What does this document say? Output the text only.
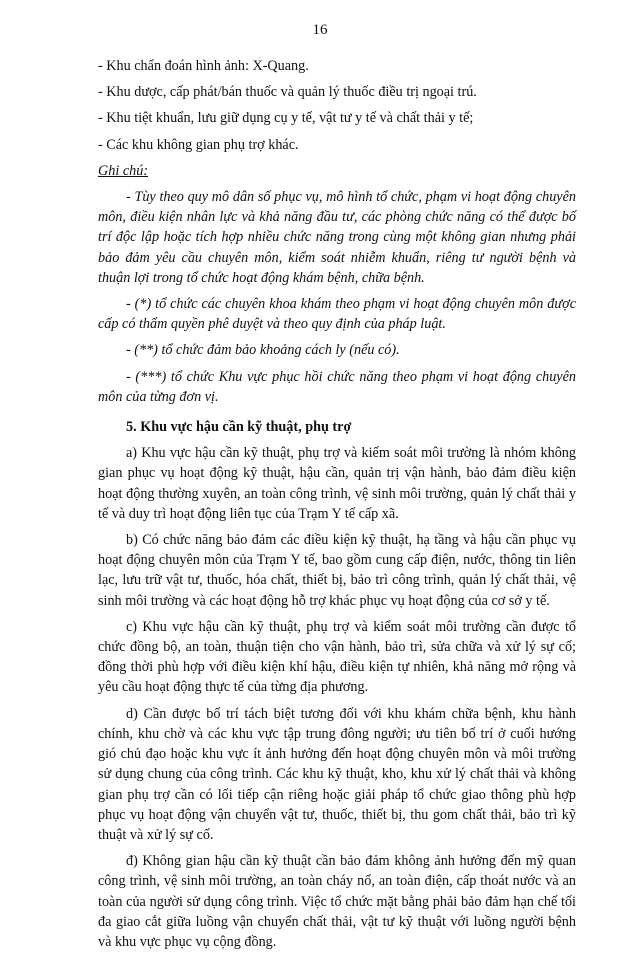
16

- Khu chẩn đoán hình ảnh: X-Quang.

- Khu dược, cấp phát/bán thuốc và quản lý thuốc điều trị ngoại trú.

- Khu tiệt khuẩn, lưu giữ dụng cụ y tế, vật tư y tế và chất thải y tế;

- Các khu không gian phụ trợ khác.

Ghi chú:

- Tùy theo quy mô dân số phục vụ, mô hình tổ chức, phạm vi hoạt động chuyên môn, điều kiện nhân lực và khả năng đầu tư, các phòng chức năng có thể được bố trí độc lập hoặc tích hợp nhiều chức năng trong cùng một không gian nhưng phải bảo đảm yêu cầu chuyên môn, kiểm soát nhiễm khuẩn, riêng tư người bệnh và thuận lợi trong tổ chức hoạt động khám bệnh, chữa bệnh.

- (*) tổ chức các chuyên khoa khám theo phạm vi hoạt động chuyên môn được cấp có thẩm quyền phê duyệt và theo quy định của pháp luật.

- (**) tổ chức đảm bảo khoảng cách ly (nếu có).

- (***) tổ chức Khu vực phục hồi chức năng theo phạm vi hoạt động chuyên môn của từng đơn vị.

5. Khu vực hậu cần kỹ thuật, phụ trợ

a) Khu vực hậu cần kỹ thuật, phụ trợ và kiểm soát môi trường là nhóm không gian phục vụ hoạt động kỹ thuật, hậu cần, quản trị vận hành, bảo đảm điều kiện hoạt động thường xuyên, an toàn công trình, vệ sinh môi trường, quản lý chất thải y tế và duy trì hoạt động liên tục của Trạm Y tế cấp xã.

b) Có chức năng bảo đảm các điều kiện kỹ thuật, hạ tầng và hậu cần phục vụ hoạt động chuyên môn của Trạm Y tế, bao gồm cung cấp điện, nước, thông tin liên lạc, lưu trữ vật tư, thuốc, hóa chất, thiết bị, bảo trì công trình, quản lý chất thải, vệ sinh môi trường và các hoạt động hỗ trợ khác phục vụ hoạt động của cơ sở y tế.

c) Khu vực hậu cần kỹ thuật, phụ trợ và kiểm soát môi trường cần được tổ chức đồng bộ, an toàn, thuận tiện cho vận hành, bảo trì, sửa chữa và xử lý sự cố; đồng thời phù hợp với điều kiện khí hậu, điều kiện tự nhiên, khả năng mở rộng và yêu cầu hoạt động thực tế của từng địa phương.

d) Cần được bố trí tách biệt tương đối với khu khám chữa bệnh, khu hành chính, khu chờ và các khu vực tập trung đông người; ưu tiên bố trí ở cuối hướng gió chủ đạo hoặc khu vực ít ảnh hưởng đến hoạt động chuyên môn và môi trường sử dụng chung của công trình. Các khu kỹ thuật, kho, khu xử lý chất thải và không gian phụ trợ cần có lối tiếp cận riêng hoặc giải pháp tổ chức giao thông phù hợp phục vụ hoạt động vận chuyển vật tư, thuốc, thiết bị, thu gom chất thải, bảo trì kỹ thuật và xử lý sự cố.

đ) Không gian hậu cần kỹ thuật cần bảo đảm không ảnh hưởng đến mỹ quan công trình, vệ sinh môi trường, an toàn cháy nổ, an toàn điện, cấp thoát nước và an toàn của người sử dụng công trình. Việc tổ chức mặt bằng phải bảo đảm hạn chế tối đa giao cắt giữa luồng vận chuyển chất thải, vật tư kỹ thuật với luồng người bệnh và khu vực phục vụ cộng đồng.
